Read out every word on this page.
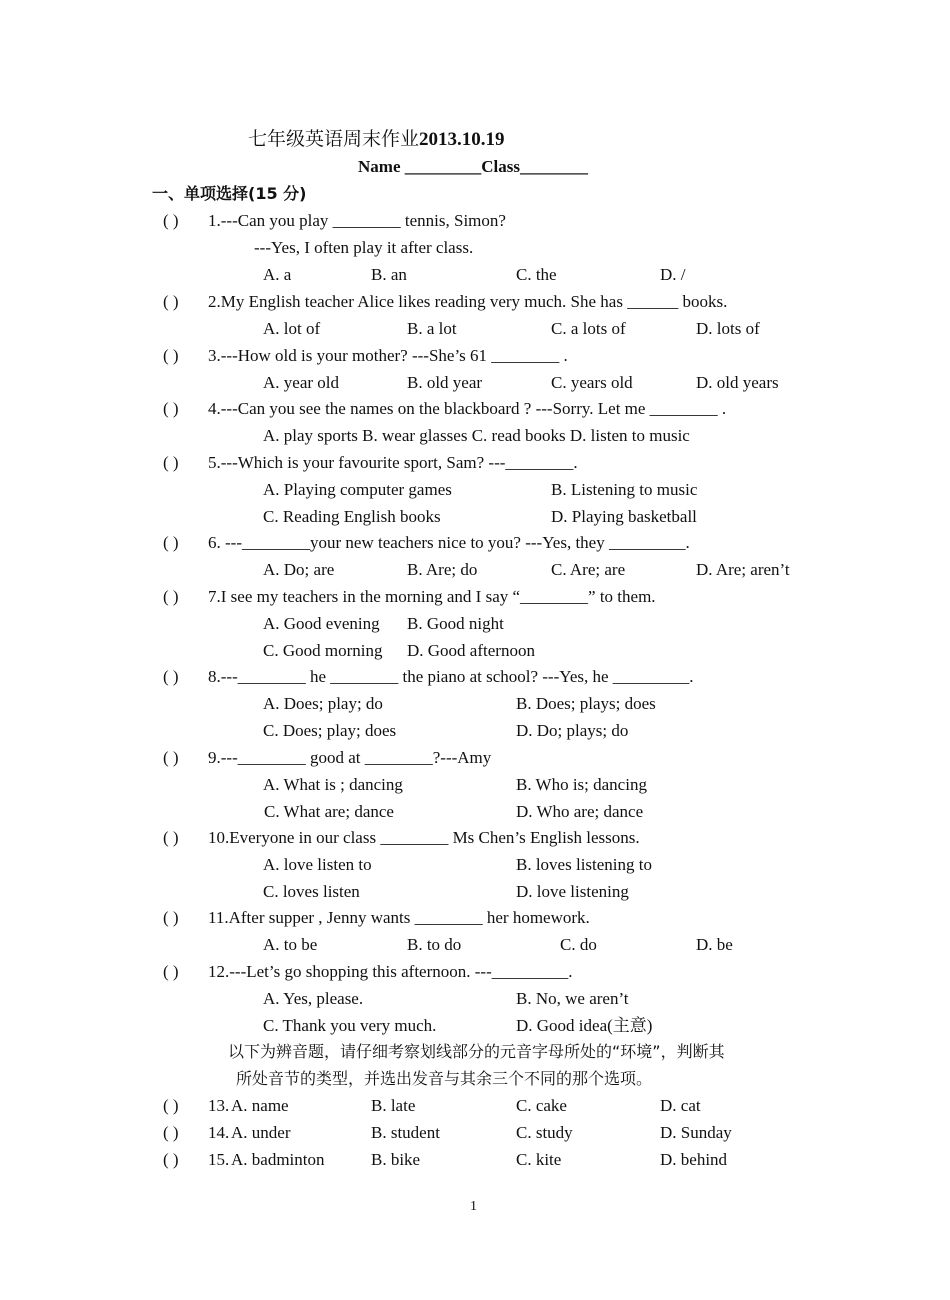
七年级英语周末作业2013.10.19
Name _________Class________
一、单项选择(15 分)
( ) 1.---Can you play ________ tennis, Simon?
---Yes, I often play it after class.
A. a	B. an	C. the	D. /
( ) 2.My English teacher Alice likes reading very much. She has ______ books.
A. lot of	B. a lot	C. a lots of	D. lots of
( ) 3.---How old is your mother? ---She’s 61 ________ .
A. year old	B. old year	C. years old	D. old years
( ) 4.---Can you see the names on the blackboard ? ---Sorry. Let me ________ .
A. play sports B. wear glasses C. read books D. listen to music
( ) 5.---Which is your favourite sport, Sam? ---________.
A. Playing computer games	B. Listening to music
C. Reading English books	D. Playing basketball
( ) 6. ---________your new teachers nice to you? ---Yes, they _________.
A. Do; are	B. Are; do	C. Are; are	D. Are; aren’t
( ) 7.I see my teachers in the morning and I say “________” to them.
A. Good evening B. Good night
C. Good morning D. Good afternoon
( ) 8.---________ he ________ the piano at school? ---Yes, he _________.
A. Does; play; do	B. Does; plays; does
C. Does; play; does	D. Do; plays; do
( ) 9.---________ good at ________?---Amy
A. What is ; dancing	B. Who is; dancing
C. What are; dance	D. Who are; dance
( ) 10.Everyone in our class ________ Ms Chen’s English lessons.
A. love listen to	B. loves listening to
C. loves listen	D. love listening
( ) 11.After supper , Jenny wants ________ her homework.
A. to be	B. to do	C. do	D. be
( ) 12.---Let’s go shopping this afternoon. ---_________.
A. Yes, please.	B. No, we aren’t
C. Thank you very much.	D. Good idea(主意)
以下为辨音题，请仔细考察划线部分的元音字母所处的“环境”，判断其
所处音节的类型，并选出发音与其余三个不同的那个选项。
( ) 13. A. name	B. late	C. cake	D. cat
( ) 14. A. under	B. student	C. study	D. Sunday
( ) 15. A. badminton	B. bike	C. kite	D. behind
1
